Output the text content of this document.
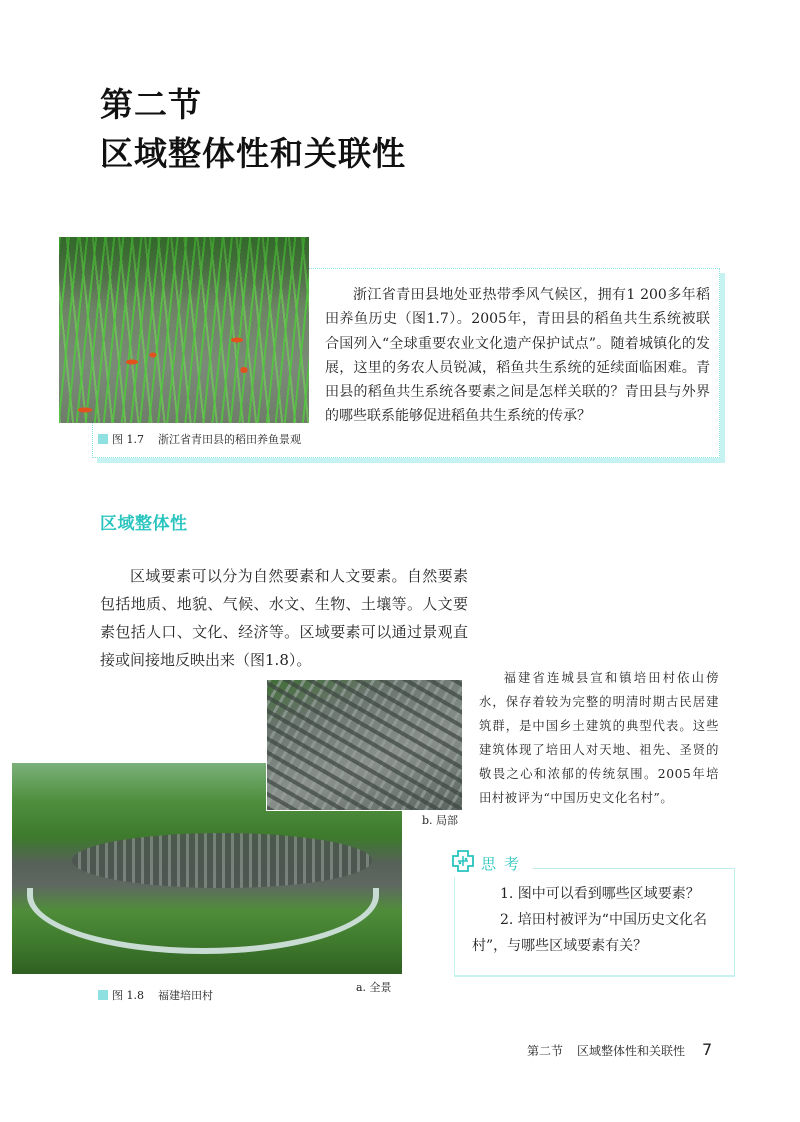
第二节
区域整体性和关联性
浙江省青田县地处亚热带季风气候区，拥有1 200多年稻田养鱼历史（图1.7）。2005年，青田县的稻鱼共生系统被联合国列入“全球重要农业文化遗产保护试点”。随着城镇化的发展，这里的务农人员锐减，稻鱼共生系统的延续面临困难。青田县的稻鱼共生系统各要素之间是怎样关联的？青田县与外界的哪些联系能够促进稻鱼共生系统的传承？
图 1.7 浙江省青田县的稻田养鱼景观
区域整体性
区域要素可以分为自然要素和人文要素。自然要素包括地质、地貌、气候、水文、生物、土壤等。人文要素包括人口、文化、经济等。区域要素可以通过景观直接或间接地反映出来（图1.8）。
福建省连城县宣和镇培田村依山傍水，保存着较为完整的明清时期古民居建筑群，是中国乡土建筑的典型代表。这些建筑体现了培田人对天地、祖先、圣贤的敬畏之心和浓郁的传统氛围。2005年培田村被评为“中国历史文化名村”。
b. 局部
a. 全景
图 1.8 福建培田村
思考
1. 图中可以看到哪些区域要素？
2. 培田村被评为“中国历史文化名村”，与哪些区域要素有关？
第二节 区域整体性和关联性 7
